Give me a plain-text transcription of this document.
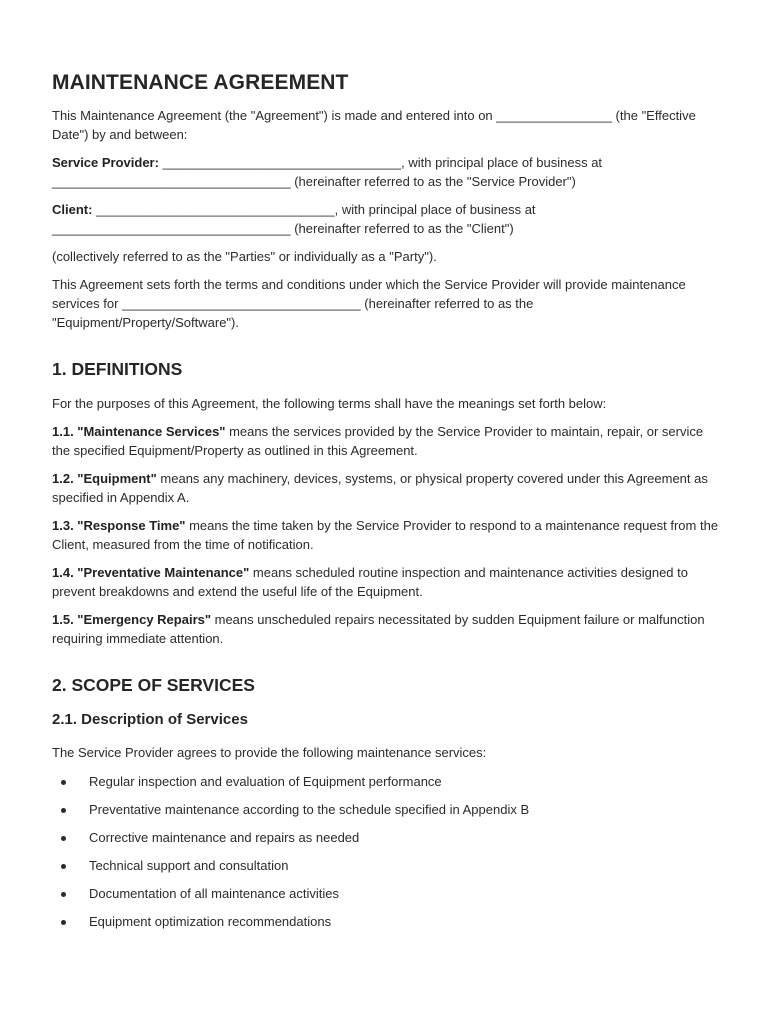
MAINTENANCE AGREEMENT

This Maintenance Agreement (the "Agreement") is made and entered into on ________________ (the "Effective Date") by and between:

Service Provider: _________________________________, with principal place of business at _________________________________ (hereinafter referred to as the "Service Provider")

Client: _________________________________, with principal place of business at _________________________________ (hereinafter referred to as the "Client")

(collectively referred to as the "Parties" or individually as a "Party").

This Agreement sets forth the terms and conditions under which the Service Provider will provide maintenance services for _________________________________ (hereinafter referred to as the "Equipment/Property/Software").

1. DEFINITIONS

For the purposes of this Agreement, the following terms shall have the meanings set forth below:

1.1. "Maintenance Services" means the services provided by the Service Provider to maintain, repair, or service the specified Equipment/Property as outlined in this Agreement.

1.2. "Equipment" means any machinery, devices, systems, or physical property covered under this Agreement as specified in Appendix A.

1.3. "Response Time" means the time taken by the Service Provider to respond to a maintenance request from the Client, measured from the time of notification.

1.4. "Preventative Maintenance" means scheduled routine inspection and maintenance activities designed to prevent breakdowns and extend the useful life of the Equipment.

1.5. "Emergency Repairs" means unscheduled repairs necessitated by sudden Equipment failure or malfunction requiring immediate attention.

2. SCOPE OF SERVICES
2.1. Description of Services

The Service Provider agrees to provide the following maintenance services:

Regular inspection and evaluation of Equipment performance
Preventative maintenance according to the schedule specified in Appendix B
Corrective maintenance and repairs as needed
Technical support and consultation
Documentation of all maintenance activities
Equipment optimization recommendations
